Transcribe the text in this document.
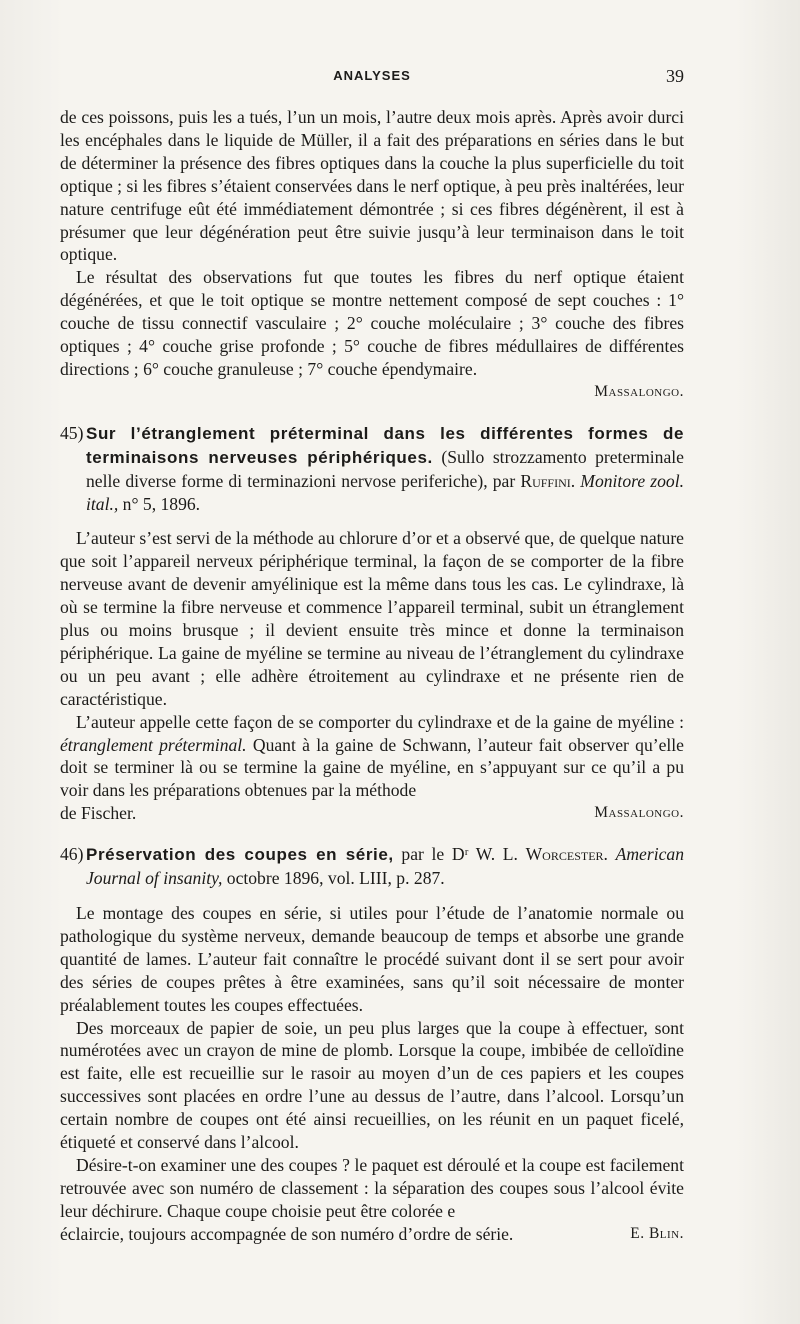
ANALYSES	39

de ces poissons, puis les a tués, l’un un mois, l’autre deux mois après. Après avoir durci les encéphales dans le liquide de Müller, il a fait des préparations en séries dans le but de déterminer la présence des fibres optiques dans la couche la plus superficielle du toit optique ; si les fibres s’étaient conservées dans le nerf optique, à peu près inaltérées, leur nature centrifuge eût été immédiatement démontrée ; si ces fibres dégénèrent, il est à présumer que leur dégénération peut être suivie jusqu’à leur terminaison dans le toit optique.

Le résultat des observations fut que toutes les fibres du nerf optique étaient dégénérées, et que le toit optique se montre nettement composé de sept couches : 1° couche de tissu connectif vasculaire ; 2° couche moléculaire ; 3° couche des fibres optiques ; 4° couche grise profonde ; 5° couche de fibres médullaires de différentes directions ; 6° couche granuleuse ; 7° couche épendymaire.

Massalongo.

45) Sur l’étranglement préterminal dans les différentes formes de terminaisons nerveuses périphériques. (Sullo strozzamento preterminale nelle diverse forme di terminazioni nervose periferiche), par Ruffini. Monitore zool. ital., n° 5, 1896.

L’auteur s’est servi de la méthode au chlorure d’or et a observé que, de quelque nature que soit l’appareil nerveux périphérique terminal, la façon de se comporter de la fibre nerveuse avant de devenir amyélinique est la même dans tous les cas. Le cylindraxe, là où se termine la fibre nerveuse et commence l’appareil terminal, subit un étranglement plus ou moins brusque ; il devient ensuite très mince et donne la terminaison périphérique. La gaine de myéline se termine au niveau de l’étranglement du cylindraxe ou un peu avant ; elle adhère étroitement au cylindraxe et ne présente rien de caractéristique.

L’auteur appelle cette façon de se comporter du cylindraxe et de la gaine de myéline : étranglement préterminal. Quant à la gaine de Schwann, l’auteur fait observer qu’elle doit se terminer là ou se termine la gaine de myéline, en s’appuyant sur ce qu’il a pu voir dans les préparations obtenues par la méthode

de Fischer.	Massalongo.

46) Préservation des coupes en série, par le Dʳ W. L. Worcester. American Journal of insanity, octobre 1896, vol. LIII, p. 287.

Le montage des coupes en série, si utiles pour l’étude de l’anatomie normale ou pathologique du système nerveux, demande beaucoup de temps et absorbe une grande quantité de lames. L’auteur fait connaître le procédé suivant dont il se sert pour avoir des séries de coupes prêtes à être examinées, sans qu’il soit nécessaire de monter préalablement toutes les coupes effectuées.

Des morceaux de papier de soie, un peu plus larges que la coupe à effectuer, sont numérotées avec un crayon de mine de plomb. Lorsque la coupe, imbibée de celloïdine est faite, elle est recueillie sur le rasoir au moyen d’un de ces papiers et les coupes successives sont placées en ordre l’une au dessus de l’autre, dans l’alcool. Lorsqu’un certain nombre de coupes ont été ainsi recueillies, on les réunit en un paquet ficelé, étiqueté et conservé dans l’alcool.

Désire-t-on examiner une des coupes ? le paquet est déroulé et la coupe est facilement retrouvée avec son numéro de classement : la séparation des coupes sous l’alcool évite leur déchirure. Chaque coupe choisie peut être colorée e

éclaircie, toujours accompagnée de son numéro d’ordre de série.	E. Blin.
